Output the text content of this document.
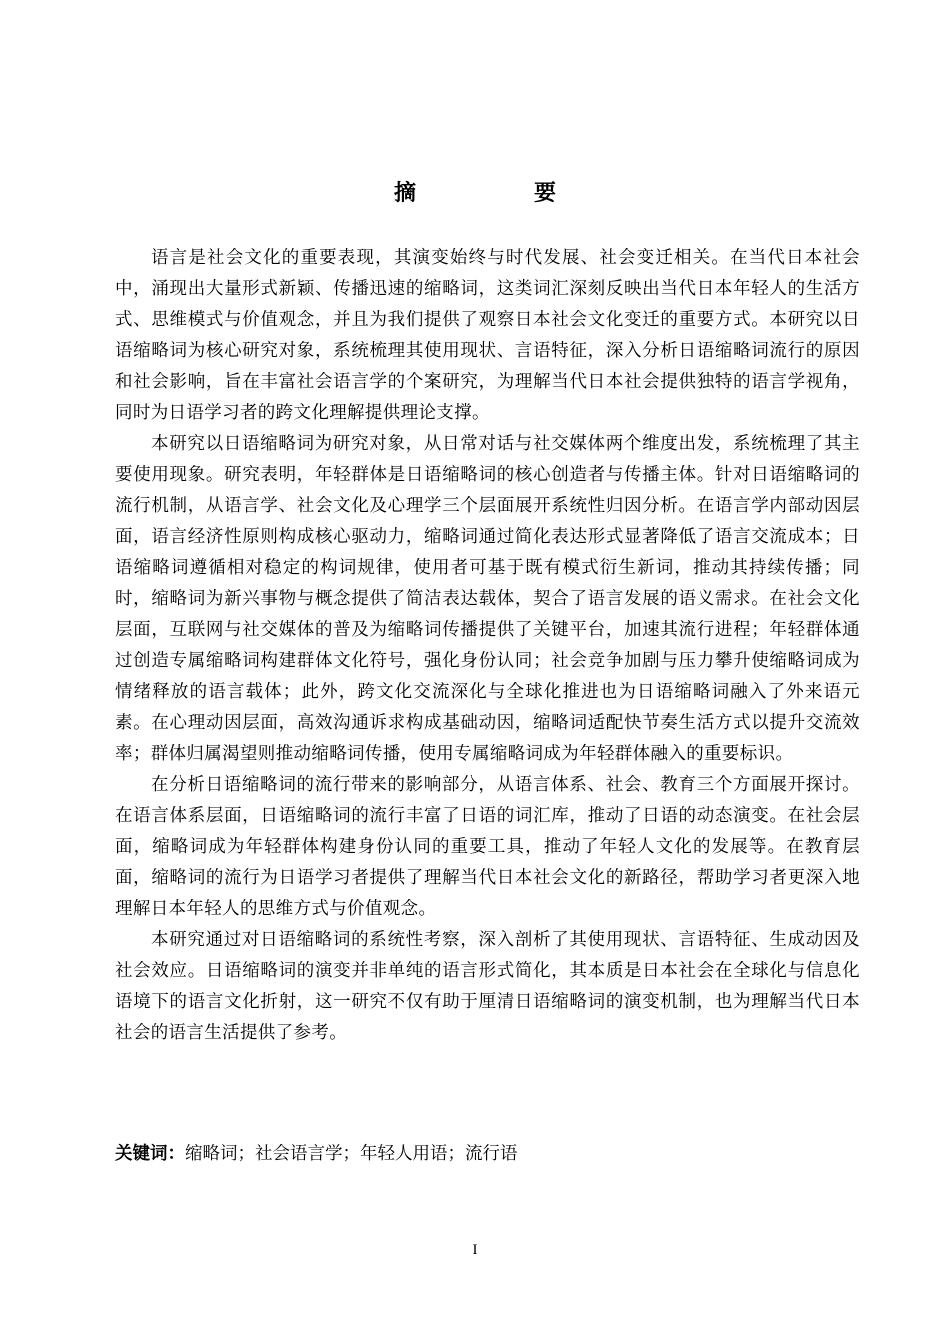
摘　要

语言是社会文化的重要表现，其演变始终与时代发展、社会变迁相关。在当代日本社会中，涌现出大量形式新颖、传播迅速的缩略词，这类词汇深刻反映出当代日本年轻人的生活方式、思维模式与价值观念，并且为我们提供了观察日本社会文化变迁的重要方式。本研究以日语缩略词为核心研究对象，系统梳理其使用现状、言语特征，深入分析日语缩略词流行的原因和社会影响，旨在丰富社会语言学的个案研究，为理解当代日本社会提供独特的语言学视角，同时为日语学习者的跨文化理解提供理论支撑。

本研究以日语缩略词为研究对象，从日常对话与社交媒体两个维度出发，系统梳理了其主要使用现象。研究表明，年轻群体是日语缩略词的核心创造者与传播主体。针对日语缩略词的流行机制，从语言学、社会文化及心理学三个层面展开系统性归因分析。在语言学内部动因层面，语言经济性原则构成核心驱动力，缩略词通过简化表达形式显著降低了语言交流成本；日语缩略词遵循相对稳定的构词规律，使用者可基于既有模式衍生新词，推动其持续传播；同时，缩略词为新兴事物与概念提供了简洁表达载体，契合了语言发展的语义需求。在社会文化层面，互联网与社交媒体的普及为缩略词传播提供了关键平台，加速其流行进程；年轻群体通过创造专属缩略词构建群体文化符号，强化身份认同；社会竞争加剧与压力攀升使缩略词成为情绪释放的语言载体；此外，跨文化交流深化与全球化推进也为日语缩略词融入了外来语元素。在心理动因层面，高效沟通诉求构成基础动因，缩略词适配快节奏生活方式以提升交流效率；群体归属渴望则推动缩略词传播，使用专属缩略词成为年轻群体融入的重要标识。

在分析日语缩略词的流行带来的影响部分，从语言体系、社会、教育三个方面展开探讨。在语言体系层面，日语缩略词的流行丰富了日语的词汇库，推动了日语的动态演变。在社会层面，缩略词成为年轻群体构建身份认同的重要工具，推动了年轻人文化的发展等。在教育层面，缩略词的流行为日语学习者提供了理解当代日本社会文化的新路径，帮助学习者更深入地理解日本年轻人的思维方式与价值观念。

本研究通过对日语缩略词的系统性考察，深入剖析了其使用现状、言语特征、生成动因及社会效应。日语缩略词的演变并非单纯的语言形式简化，其本质是日本社会在全球化与信息化语境下的语言文化折射，这一研究不仅有助于厘清日语缩略词的演变机制，也为理解当代日本社会的语言生活提供了参考。

关键词：缩略词；社会语言学；年轻人用语；流行语
I
